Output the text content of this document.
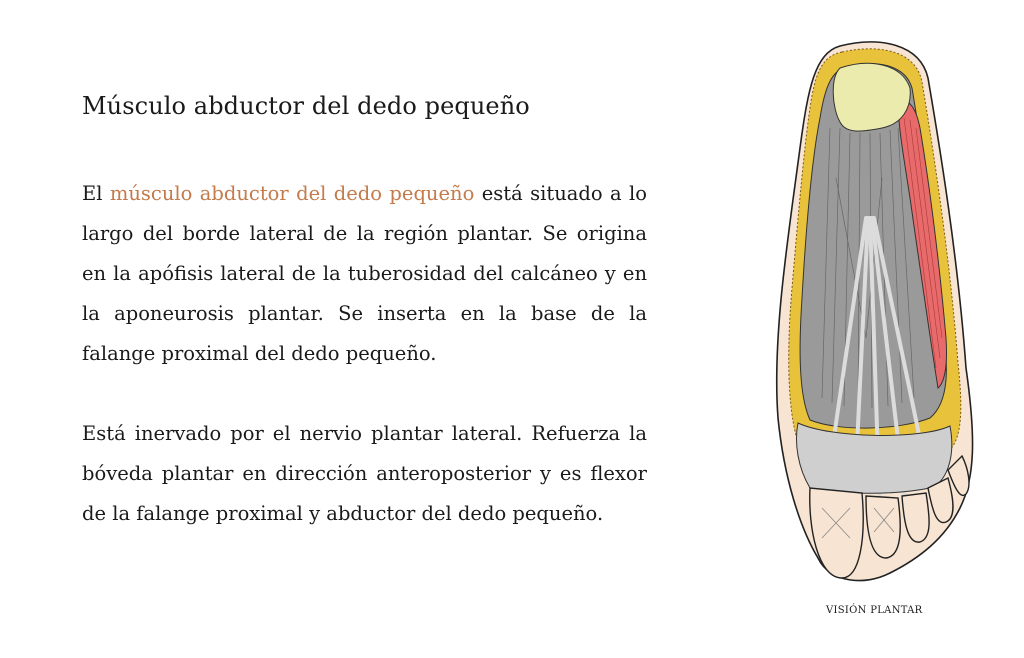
Músculo abductor del dedo pequeño

El músculo abductor del dedo pequeño está situado a lo largo del borde lateral de la región plantar. Se origina en la apófisis lateral de la tuberosidad del calcáneo y en la aponeurosis plantar. Se inserta en la base de la falange proximal del dedo pequeño.

Está inervado por el nervio plantar lateral. Refuerza la bóveda plantar en dirección anteroposterior y es flexor de la falange proximal y abductor del dedo pequeño.

VISIÓN PLANTAR
